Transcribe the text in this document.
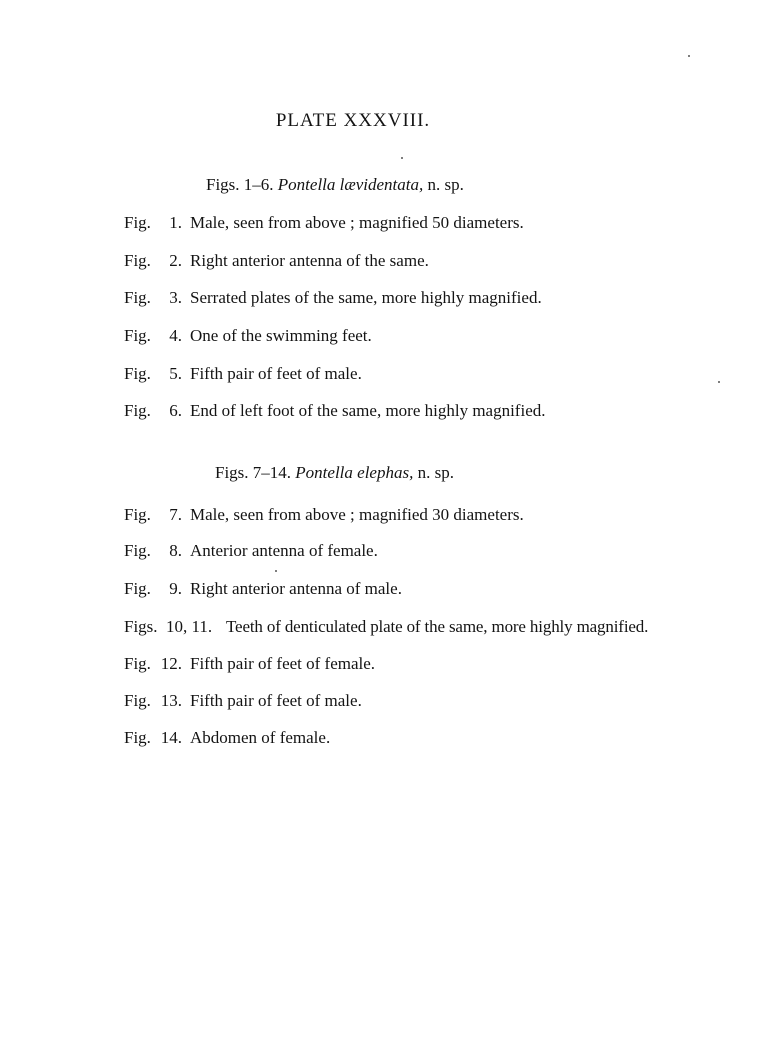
PLATE XXXVIII.
Figs. 1–6. Pontella lævidentata, n. sp.
Fig. 1. Male, seen from above ; magnified 50 diameters.
Fig. 2. Right anterior antenna of the same.
Fig. 3. Serrated plates of the same, more highly magnified.
Fig. 4. One of the swimming feet.
Fig. 5. Fifth pair of feet of male.
Fig. 6. End of left foot of the same, more highly magnified.
Figs. 7–14. Pontella elephas, n. sp.
Fig. 7. Male, seen from above ; magnified 30 diameters.
Fig. 8. Anterior antenna of female.
Fig. 9. Right anterior antenna of male.
Figs. 10, 11. Teeth of denticulated plate of the same, more highly magnified.
Fig. 12. Fifth pair of feet of female.
Fig. 13. Fifth pair of feet of male.
Fig. 14. Abdomen of female.
